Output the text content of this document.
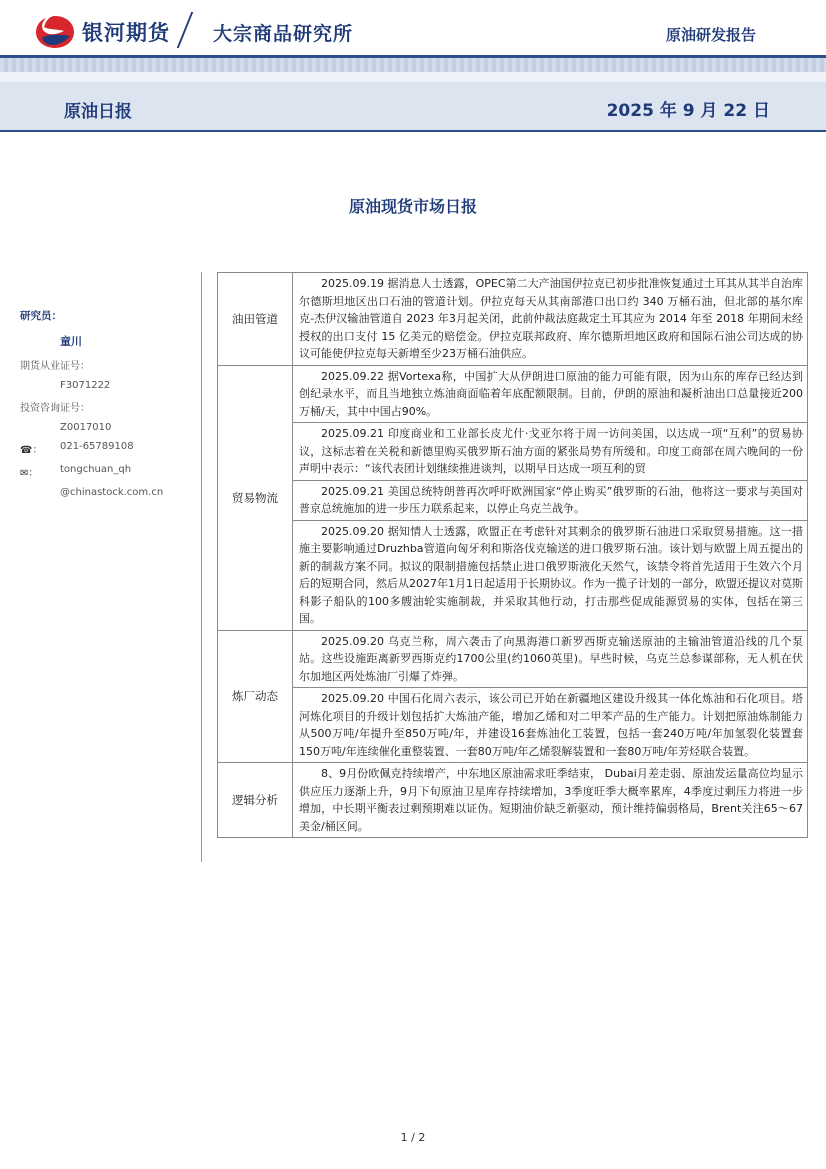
银河期货 大宗商品研究所	原油研发报告
原油日报	2025 年 9 月 22 日
原油现货市场日报
研究员：
童川
期货从业证号：
F3071222
投资咨询证号：
Z0017010
☎：	021-65789108
✉：	tongchuan_qh
@chinastock.com.cn
油田管道	2025.09.19 据消息人士透露，OPEC第二大产油国伊拉克已初步批准恢复通过土耳其从其半自治库尔德斯坦地区出口石油的管道计划。伊拉克每天从其南部港口出口约 340 万桶石油，但北部的基尔库克-杰伊汉输油管道自 2023 年3月起关闭，此前仲裁法庭裁定土耳其应为 2014 年至 2018 年期间未经授权的出口支付 15 亿美元的赔偿金。伊拉克联邦政府、库尔德斯坦地区政府和国际石油公司达成的协议可能使伊拉克每天新增至少23万桶石油供应。
贸易物流	2025.09.22 据Vortexa称，中国扩大从伊朗进口原油的能力可能有限，因为山东的库存已经达到创纪录水平，而且当地独立炼油商面临着年底配额限制。目前，伊朗的原油和凝析油出口总量接近200万桶/天，其中中国占90%。
	2025.09.21 印度商业和工业部长皮尤什·戈亚尔将于周一访问美国，以达成一项“互利”的贸易协议，这标志着在关税和新德里购买俄罗斯石油方面的紧张局势有所缓和。印度工商部在周六晚间的一份声明中表示：“该代表团计划继续推进谈判，以期早日达成一项互利的贸
	2025.09.21 美国总统特朗普再次呼吁欧洲国家“停止购买”俄罗斯的石油，他将这一要求与美国对普京总统施加的进一步压力联系起来，以停止乌克兰战争。
	2025.09.20 据知情人士透露，欧盟正在考虑针对其剩余的俄罗斯石油进口采取贸易措施。这一措施主要影响通过Druzhba管道向匈牙利和斯洛伐克输送的进口俄罗斯石油。该计划与欧盟上周五提出的新的制裁方案不同。拟议的限制措施包括禁止进口俄罗斯液化天然气，该禁令将首先适用于生效六个月后的短期合同，然后从2027年1月1日起适用于长期协议。作为一揽子计划的一部分，欧盟还提议对莫斯科影子船队的100多艘油轮实施制裁，并采取其他行动，打击那些促成能源贸易的实体，包括在第三国。
炼厂动态	2025.09.20 乌克兰称，周六袭击了向黑海港口新罗西斯克输送原油的主输油管道沿线的几个泵站。这些设施距离新罗西斯克约1700公里(约1060英里)。早些时候，乌克兰总参谋部称，无人机在伏尔加地区两处炼油厂引爆了炸弹。
	2025.09.20 中国石化周六表示，该公司已开始在新疆地区建设升级其一体化炼油和石化项目。塔河炼化项目的升级计划包括扩大炼油产能，增加乙烯和对二甲苯产品的生产能力。计划把原油炼制能力从500万吨/年提升至850万吨/年，并建设16套炼油化工装置，包括一套240万吨/年加氢裂化装置套150万吨/年连续催化重整装置、一套80万吨/年乙烯裂解装置和一套80万吨/年芳烃联合装置。
逻辑分析	8、9月份欧佩克持续增产，中东地区原油需求旺季结束， Dubai月差走弱、原油发运量高位均显示供应压力逐渐上升，9月下旬原油卫星库存持续增加，3季度旺季大概率累库，4季度过剩压力将进一步增加，中长期平衡表过剩预期难以证伪。短期油价缺乏新驱动，预计维持偏弱格局，Brent关注65～67美金/桶区间。
1 / 2
